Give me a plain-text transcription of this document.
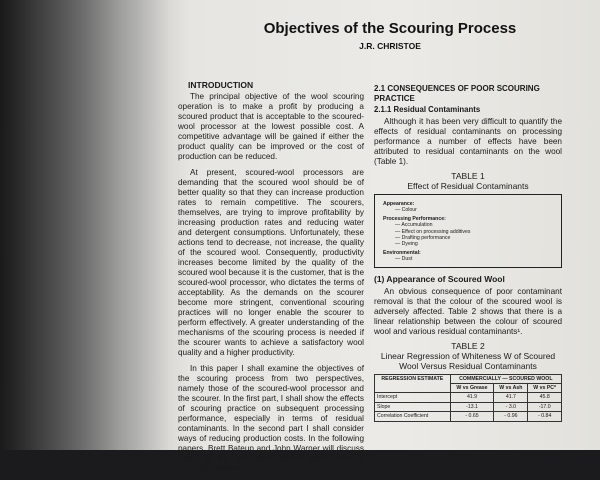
Objectives of the Scouring Process
J.R. CHRISTOE
INTRODUCTION

The principal objective of the wool scouring operation is to make a profit by producing a scoured product that is acceptable to the scoured-wool processor at the lowest possible cost. A competitive advantage will be gained if either the product quality can be improved or the cost of production can be reduced.

At present, scoured-wool processors are demanding that the scoured wool should be of better quality so that they can increase production rates to remain competitive. The scourers, themselves, are trying to improve profitability by increasing production rates and reducing water and detergent consumptions. Unfortunately, these actions tend to decrease, not increase, the quality of the scoured wool. Consequently, productivity increases become limited by the quality of the scoured wool because it is the customer, that is the scoured-wool processor, who dictates the terms of acceptability. As the demands on the scourer become more stringent, conventional scouring practices will no longer enable the scourer to perform effectively. A greater understanding of the mechanisms of the scouring process is needed if the scourer wants to achieve a satisfactory wool quality and a higher productivity.

In this paper I shall examine the objectives of the scouring process from two perspectives, namely those of the scoured-wool processor and the scourer. In the first part, I shall show the effects of scouring practice on subsequent processing performance, especially in terms of residual contaminants. In the second part I shall consider ways of reducing production costs. In the following papers, Brett Bateup and John Warner will discuss some of the principles behind more effective scouring practices.

2.1 CONSEQUENCES OF POOR SCOURING PRACTICE
2.1.1 Residual Contaminants

Although it has been very difficult to quantify the effects of residual contaminants on processing performance a number of effects have been attributed to residual contaminants on the wool (Table 1).

TABLE 1
Effect of Residual Contaminants
Appearance:
— Colour
Processing Performance:
— Accumulation
— Effect on processing additives
— Drafting performance
— Dyeing
Environmental:
— Dust
(1) Appearance of Scoured Wool

An obvious consequence of poor contaminant removal is that the colour of the scoured wool is adversely affected. Table 2 shows that there is a linear relationship between the colour of scoured wool and various residual contaminants¹.

TABLE 2
Linear Regression of Whiteness W of Scoured Wool Versus Residual Contaminants
REGRESSION ESTIMATE	COMMERCIALLY — SCOURED WOOL		
	W vs Grease	W vs Ash	W vs PC*
Intercept	41.9	41.7	45.8
Slope	-13.1	- 3.0	-17.0
Correlation Coefficient	- 0.65	- 0.96	- 0.84
